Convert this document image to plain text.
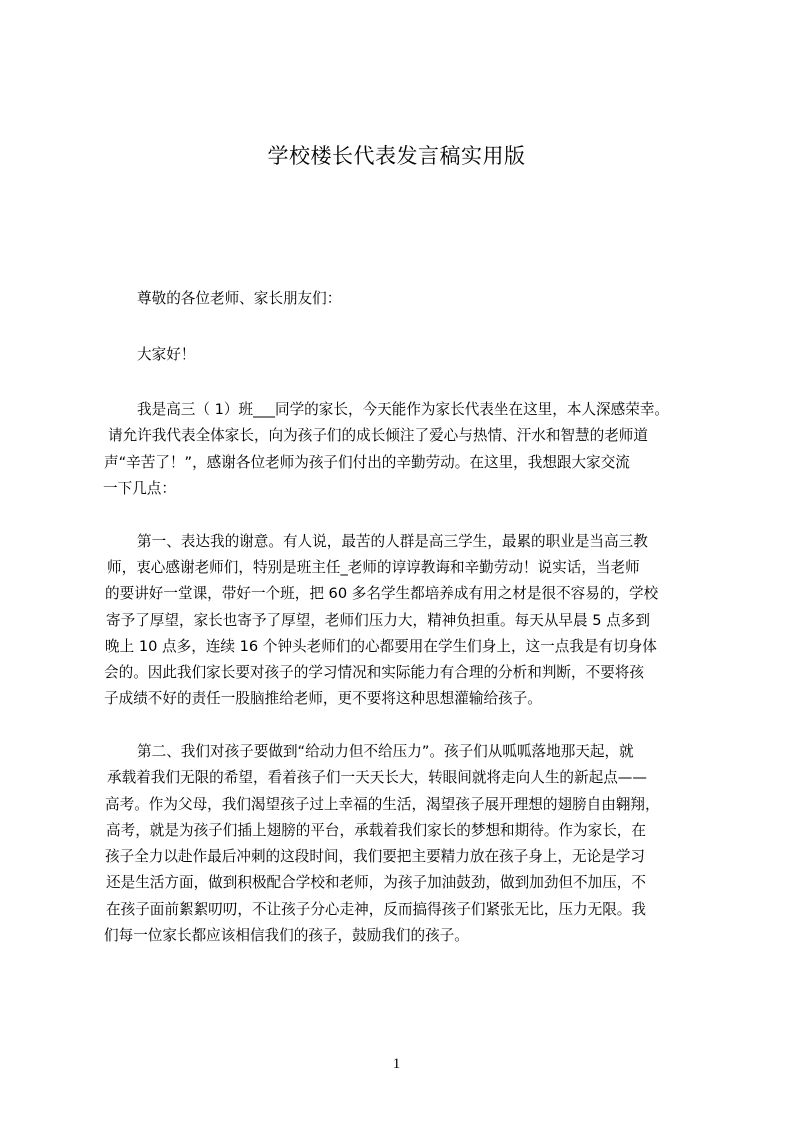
学校楼长代表发言稿实用版

尊敬的各位老师、家长朋友们：

大家好！

我是高三（ 1）班___同学的家长，今天能作为家长代表坐在这里，本人深感荣幸。

请允许我代表全体家长，向为孩子们的成长倾注了爱心与热情、汗水和智慧的老师道

声“辛苦了！”，感谢各位老师为孩子们付出的辛勤劳动。在这里，我想跟大家交流

一下几点：

第一、表达我的谢意。有人说，最苦的人群是高三学生，最累的职业是当高三教

师，衷心感谢老师们，特别是班主任_老师的谆谆教诲和辛勤劳动！说实话，当老师

的要讲好一堂课，带好一个班，把 60 多名学生都培养成有用之材是很不容易的，学校

寄予了厚望，家长也寄予了厚望，老师们压力大，精神负担重。每天从早晨 5 点多到

晚上 10 点多，连续 16 个钟头老师们的心都要用在学生们身上，这一点我是有切身体

会的。因此我们家长要对孩子的学习情况和实际能力有合理的分析和判断，不要将孩

子成绩不好的责任一股脑推给老师，更不要将这种思想灌输给孩子。

第二、我们对孩子要做到“给动力但不给压力”。孩子们从呱呱落地那天起，就

承载着我们无限的希望，看着孩子们一天天长大，转眼间就将走向人生的新起点——

高考。作为父母，我们渴望孩子过上幸福的生活，渴望孩子展开理想的翅膀自由翱翔，

高考，就是为孩子们插上翅膀的平台，承载着我们家长的梦想和期待。作为家长，在

孩子全力以赴作最后冲刺的这段时间，我们要把主要精力放在孩子身上，无论是学习

还是生活方面，做到积极配合学校和老师，为孩子加油鼓劲，做到加劲但不加压，不

在孩子面前絮絮叨叨，不让孩子分心走神，反而搞得孩子们紧张无比，压力无限。我

们每一位家长都应该相信我们的孩子，鼓励我们的孩子。

1
